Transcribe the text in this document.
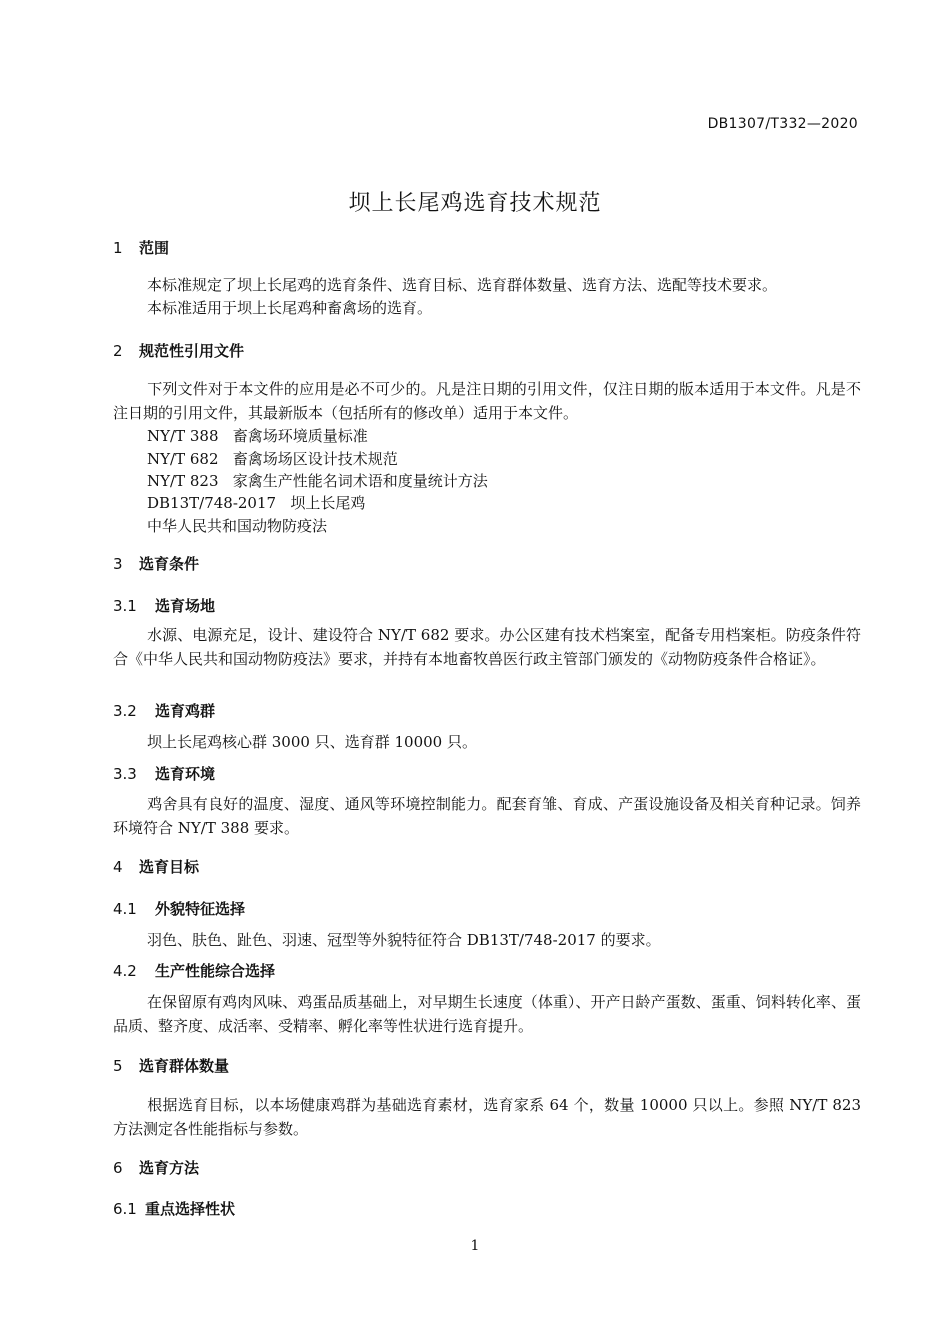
DB1307/T332—2020
坝上长尾鸡选育技术规范
1 范围
本标准规定了坝上长尾鸡的选育条件、选育目标、选育群体数量、选育方法、选配等技术要求。
本标准适用于坝上长尾鸡种畜禽场的选育。
2 规范性引用文件
下列文件对于本文件的应用是必不可少的。凡是注日期的引用文件，仅注日期的版本适用于本文件。凡是不注日期的引用文件，其最新版本（包括所有的修改单）适用于本文件。
NY/T 388 畜禽场环境质量标准
NY/T 682 畜禽场场区设计技术规范
NY/T 823 家禽生产性能名词术语和度量统计方法
DB13T/748-2017 坝上长尾鸡
中华人民共和国动物防疫法
3 选育条件
3.1 选育场地
水源、电源充足，设计、建设符合 NY/T 682 要求。办公区建有技术档案室，配备专用档案柜。防疫条件符合《中华人民共和国动物防疫法》要求，并持有本地畜牧兽医行政主管部门颁发的《动物防疫条件合格证》。
3.2 选育鸡群
坝上长尾鸡核心群 3000 只、选育群 10000 只。
3.3 选育环境
鸡舍具有良好的温度、湿度、通风等环境控制能力。配套育雏、育成、产蛋设施设备及相关育种记录。饲养环境符合 NY/T 388 要求。
4 选育目标
4.1 外貌特征选择
羽色、肤色、趾色、羽速、冠型等外貌特征符合 DB13T/748-2017 的要求。
4.2 生产性能综合选择
在保留原有鸡肉风味、鸡蛋品质基础上，对早期生长速度（体重）、开产日龄产蛋数、蛋重、饲料转化率、蛋品质、整齐度、成活率、受精率、孵化率等性状进行选育提升。
5 选育群体数量
根据选育目标，以本场健康鸡群为基础选育素材，选育家系 64 个，数量 10000 只以上。参照 NY/T 823 方法测定各性能指标与参数。
6 选育方法
6.1 重点选择性状
1
